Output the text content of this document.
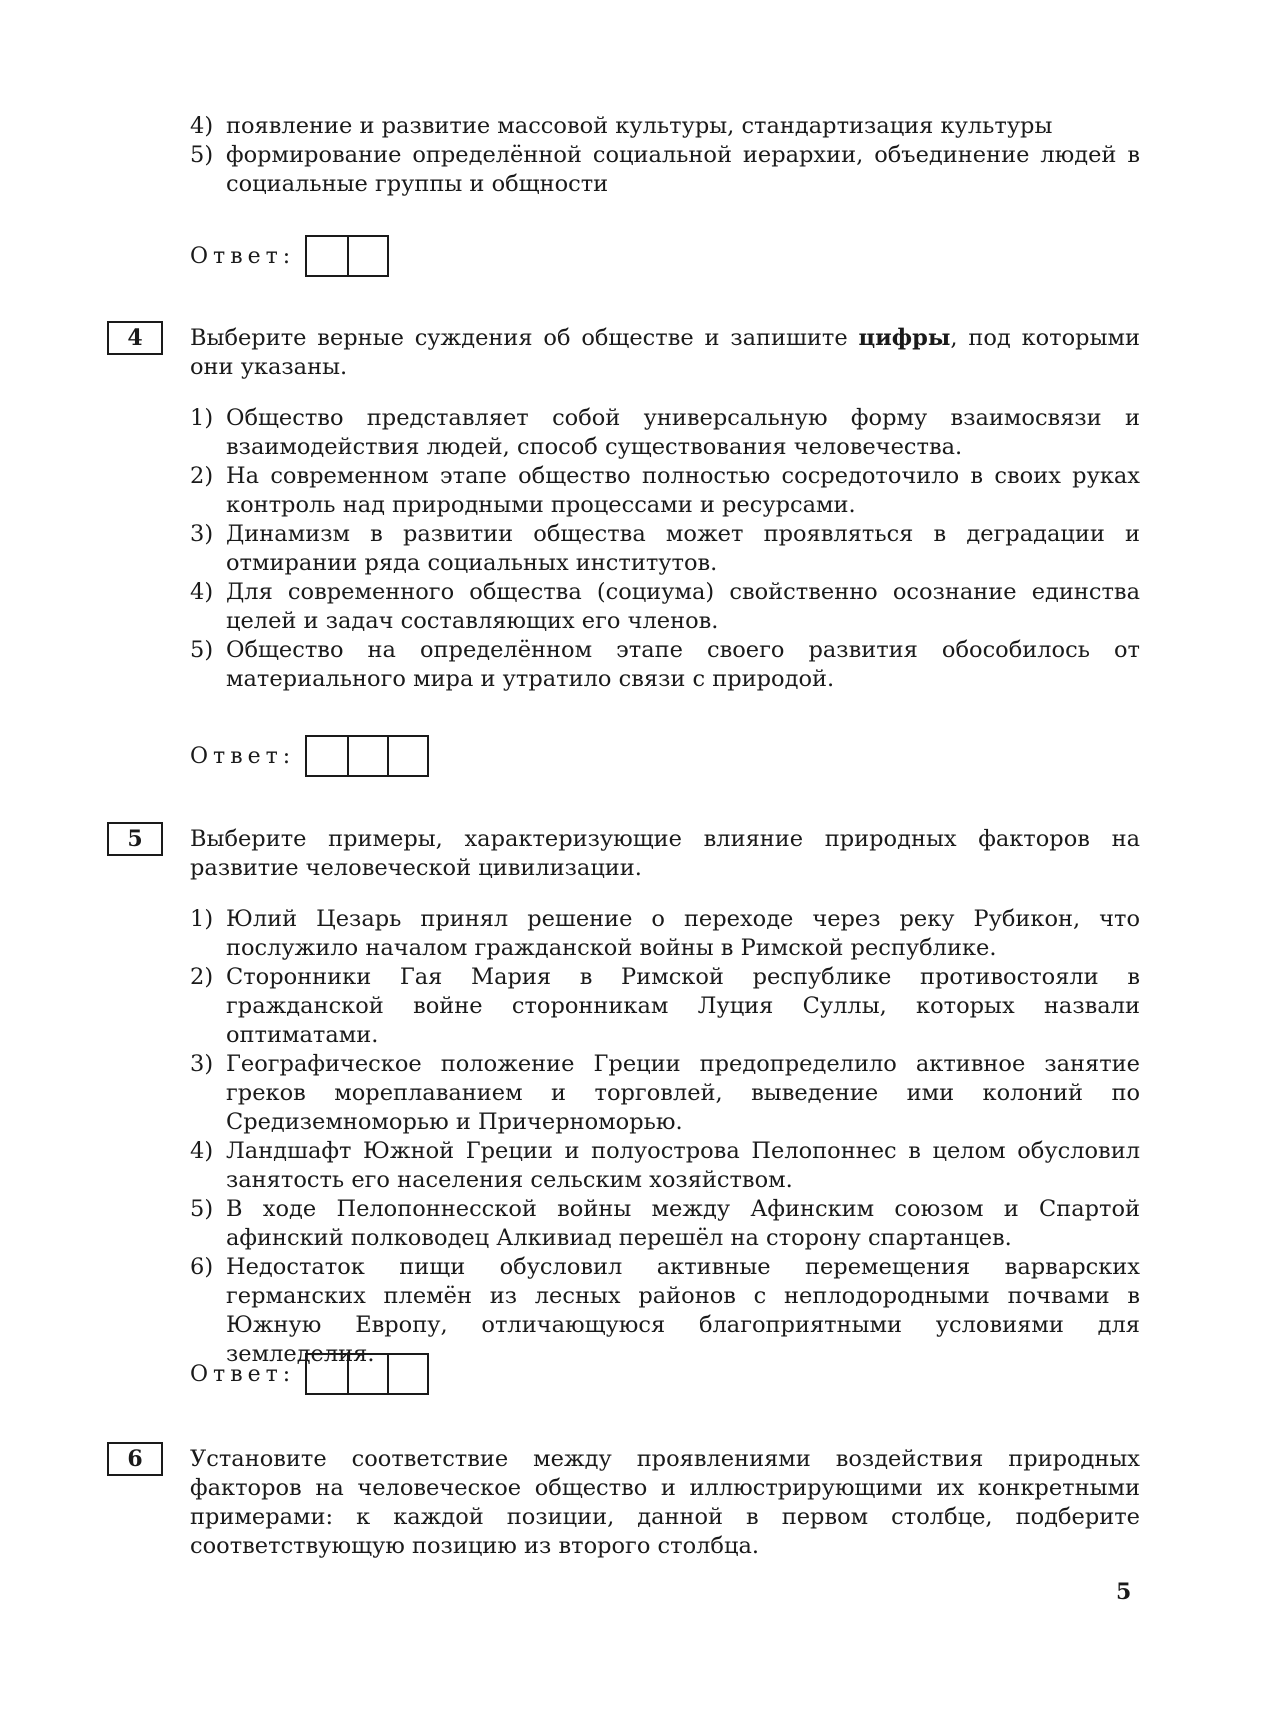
4) появление и развитие массовой культуры, стандартизация культуры
5) формирование определённой социальной иерархии, объединение людей в социальные группы и общности
Ответ:
4	Выберите верные суждения об обществе и запишите цифры, под которыми они указаны.

1) Общество представляет собой универсальную форму взаимосвязи и взаимодействия людей, способ существования человечества.
2) На современном этапе общество полностью сосредоточило в своих руках контроль над природными процессами и ресурсами.
3) Динамизм в развитии общества может проявляться в деградации и отмирании ряда социальных институтов.
4) Для современного общества (социума) свойственно осознание единства целей и задач составляющих его членов.
5) Общество на определённом этапе своего развития обособилось от материального мира и утратило связи с природой.
Ответ:
5	Выберите примеры, характеризующие влияние природных факторов на развитие человеческой цивилизации.

1) Юлий Цезарь принял решение о переходе через реку Рубикон, что послужило началом гражданской войны в Римской республике.
2) Сторонники Гая Мария в Римской республике противостояли в гражданской войне сторонникам Луция Суллы, которых назвали оптиматами.
3) Географическое положение Греции предопределило активное занятие греков мореплаванием и торговлей, выведение ими колоний по Средиземноморью и Причерноморью.
4) Ландшафт Южной Греции и полуострова Пелопоннес в целом обусловил занятость его населения сельским хозяйством.
5) В ходе Пелопоннесской войны между Афинским союзом и Спартой афинский полководец Алкивиад перешёл на сторону спартанцев.
6) Недостаток пищи обусловил активные перемещения варварских германских племён из лесных районов с неплодородными почвами в Южную Европу, отличающуюся благоприятными условиями для земледелия.
Ответ:
6	Установите соответствие между проявлениями воздействия природных факторов на человеческое общество и иллюстрирующими их конкретными примерами: к каждой позиции, данной в первом столбце, подберите соответствующую позицию из второго столбца.

5
